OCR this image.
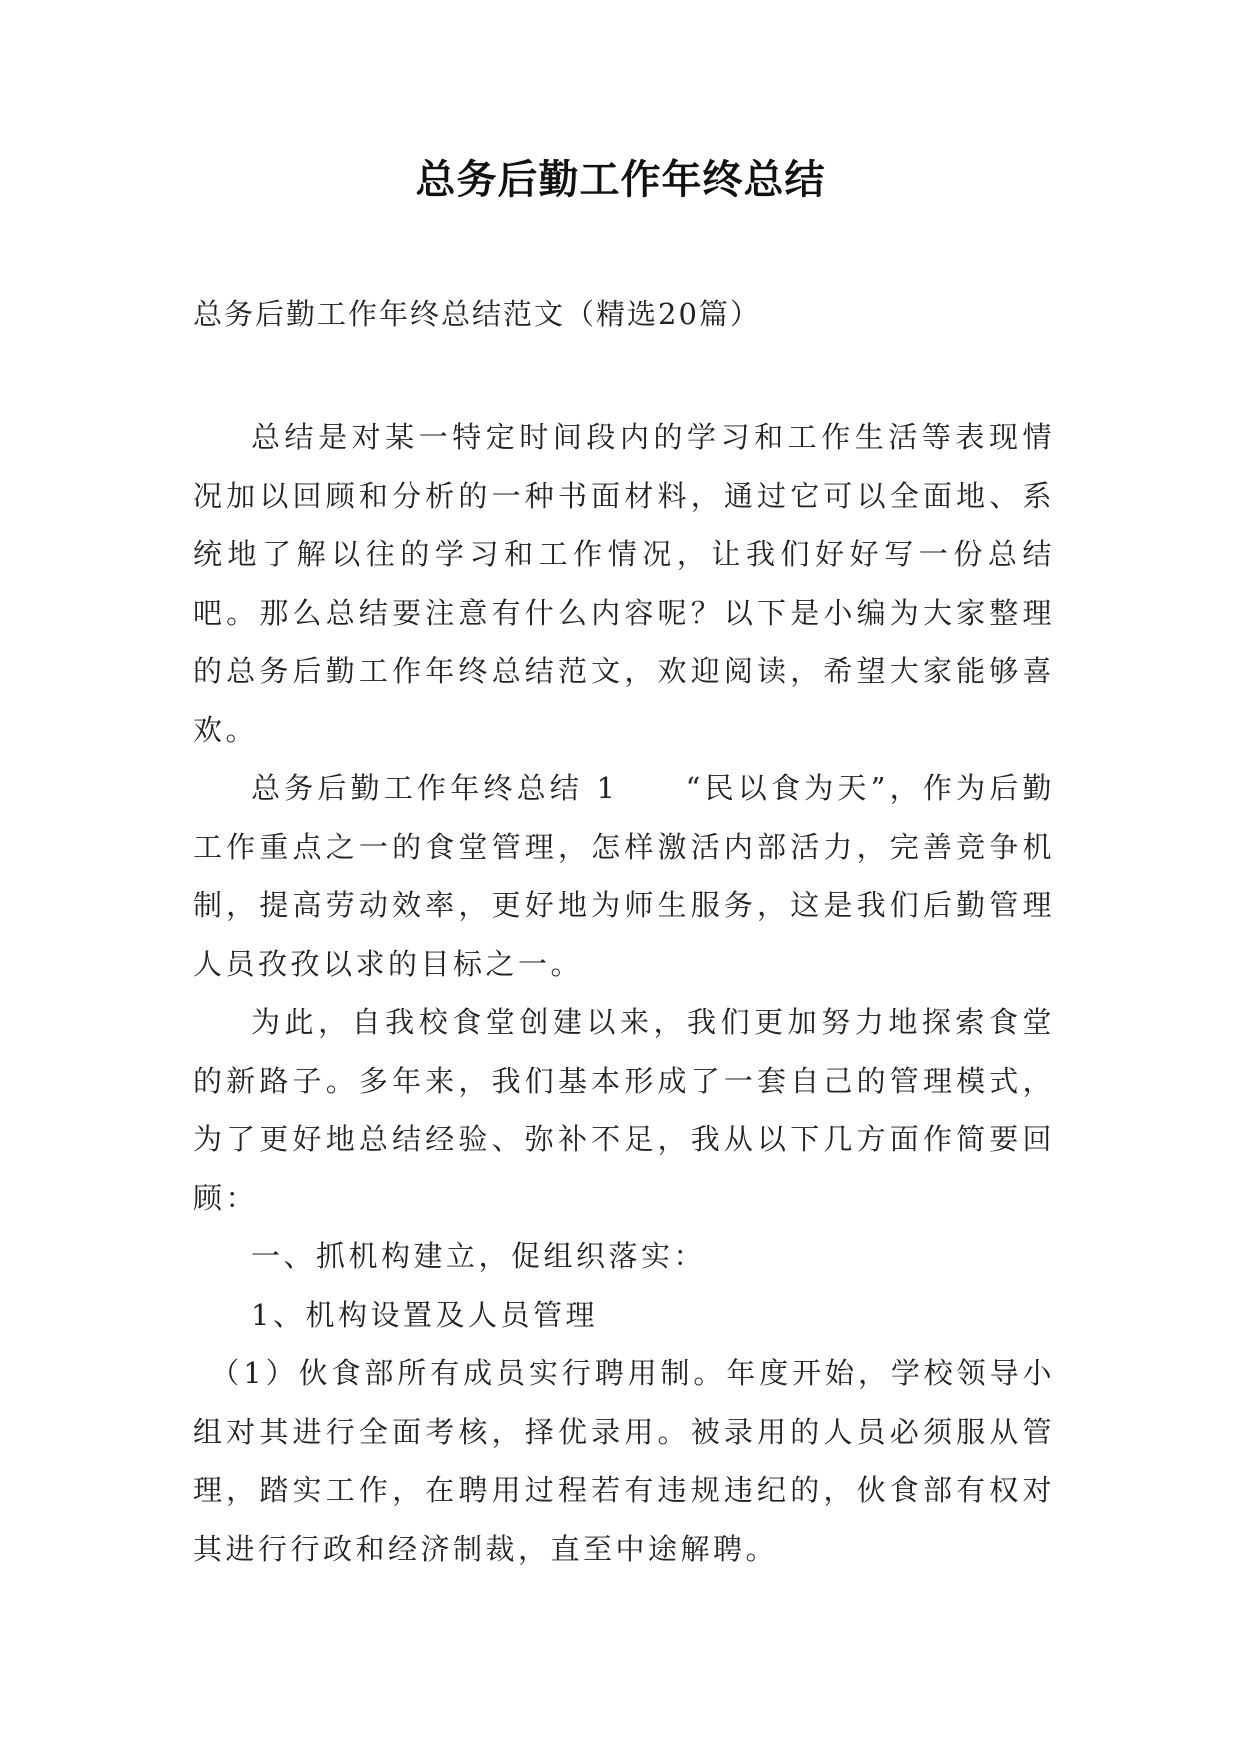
总务后勤工作年终总结
总务后勤工作年终总结范文（精选20篇）

总结是对某一特定时间段内的学习和工作生活等表现情况加以回顾和分析的一种书面材料，通过它可以全面地、系统地了解以往的学习和工作情况，让我们好好写一份总结吧。那么总结要注意有什么内容呢？以下是小编为大家整理的总务后勤工作年终总结范文，欢迎阅读，希望大家能够喜欢。

总务后勤工作年终总结 1　　“民以食为天”，作为后勤工作重点之一的食堂管理，怎样激活内部活力，完善竞争机制，提高劳动效率，更好地为师生服务，这是我们后勤管理人员孜孜以求的目标之一。

为此，自我校食堂创建以来，我们更加努力地探索食堂的新路子。多年来，我们基本形成了一套自己的管理模式，为了更好地总结经验、弥补不足，我从以下几方面作简要回顾：

一、抓机构建立，促组织落实：

1、机构设置及人员管理

（1）伙食部所有成员实行聘用制。年度开始，学校领导小组对其进行全面考核，择优录用。被录用的人员必须服从管理，踏实工作，在聘用过程若有违规违纪的，伙食部有权对其进行行政和经济制裁，直至中途解聘。
